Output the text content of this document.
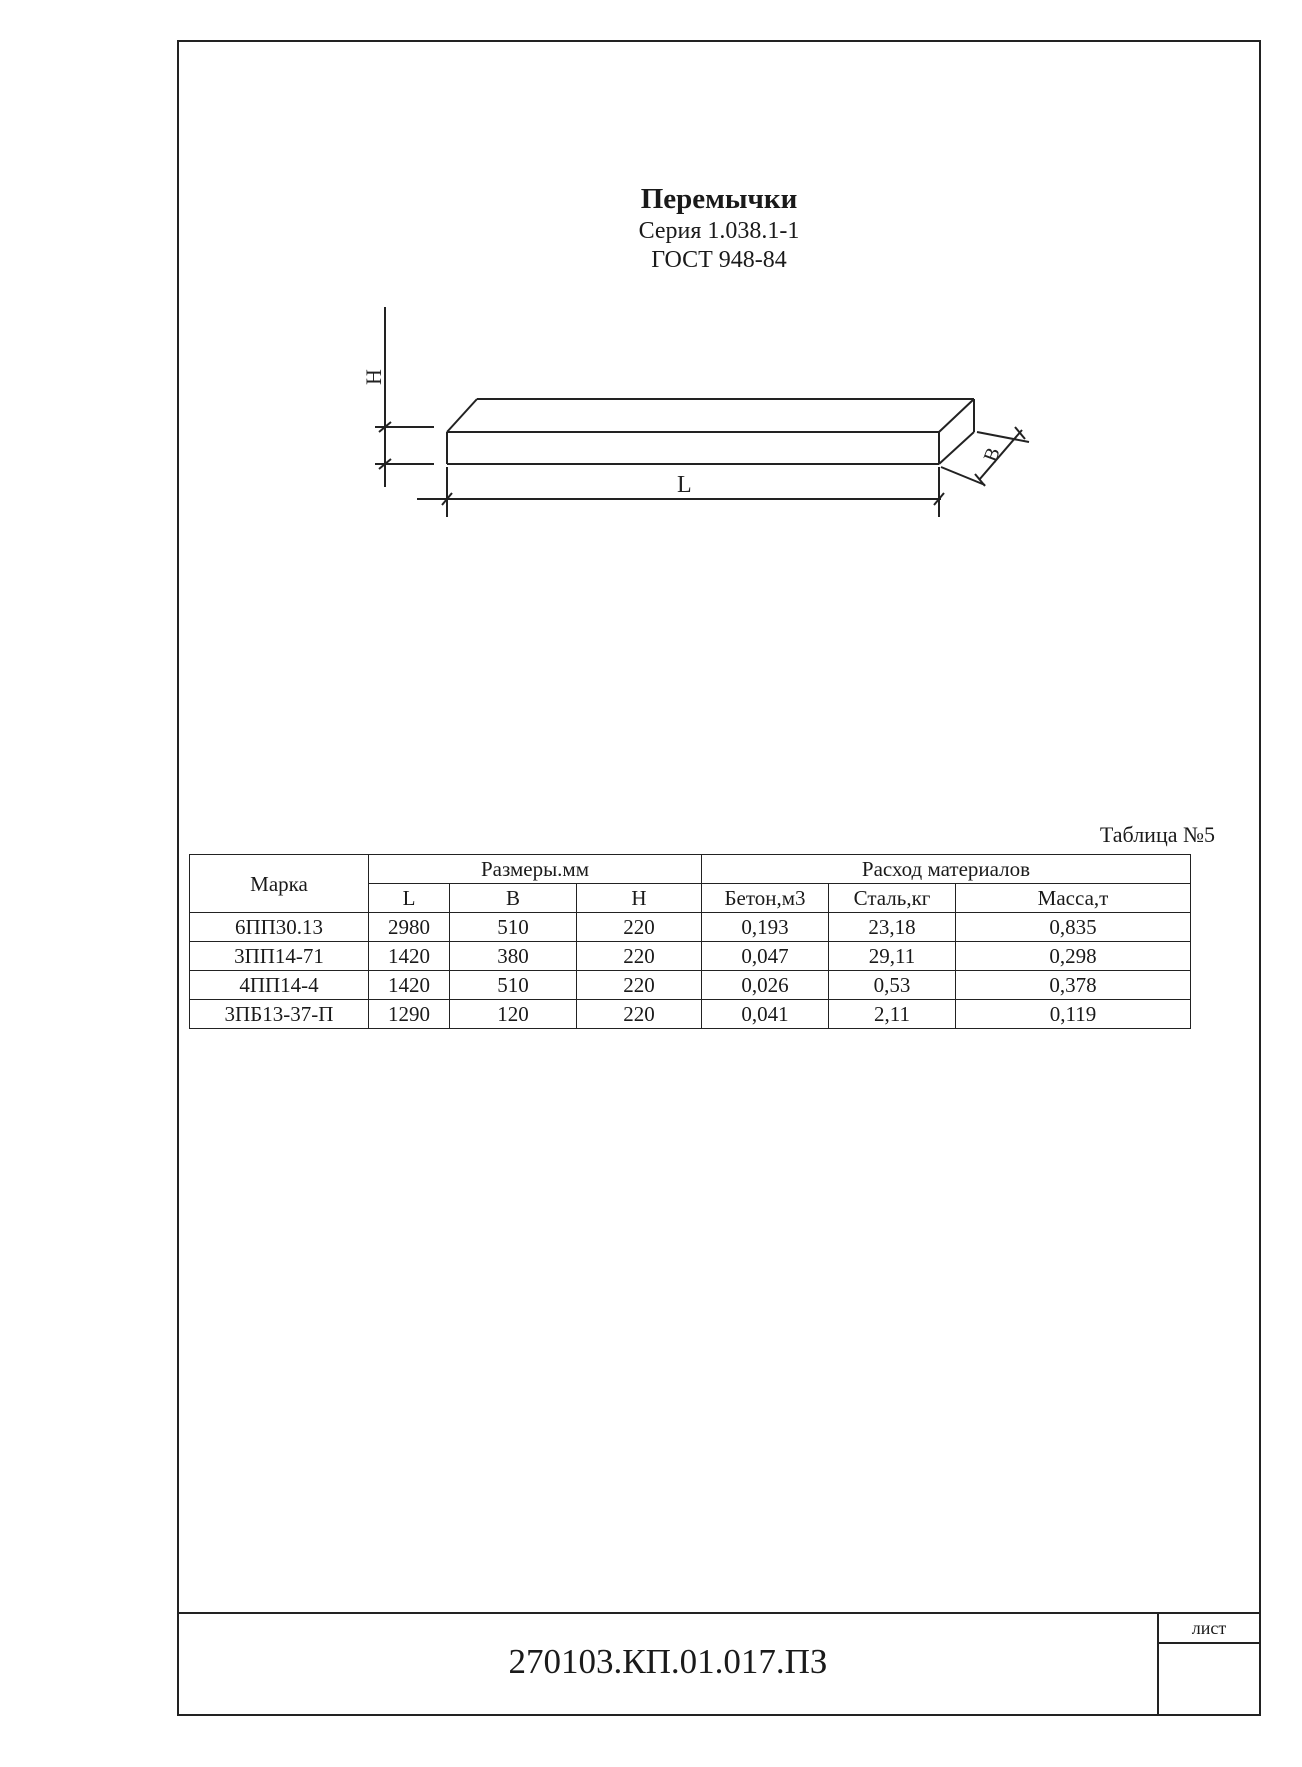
Перемычки
Серия 1.038.1-1
ГОСТ 948-84
H
L
B
Таблица №5
Марка	Размеры.мм			Расход материалов		
	L	B	H	Бетон,м3	Сталь,кг	Масса,т
6ПП30.13	2980	510	220	0,193	23,18	0,835
3ПП14-71	1420	380	220	0,047	29,11	0,298
4ПП14-4	1420	510	220	0,026	0,53	0,378
3ПБ13-37-П	1290	120	220	0,041	2,11	0,119
270103.КП.01.017.ПЗ
лист
